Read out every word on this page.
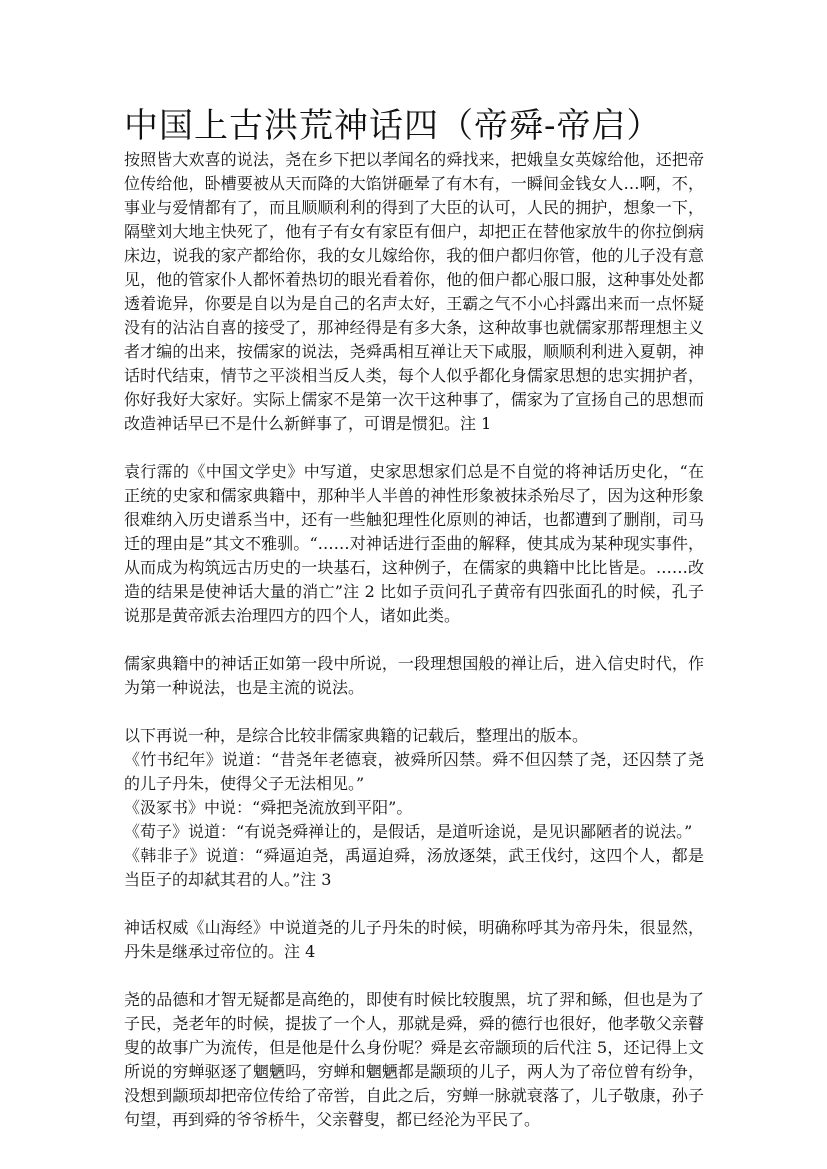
中国上古洪荒神话四（帝舜-帝启）

按照皆大欢喜的说法，尧在乡下把以孝闻名的舜找来，把娥皇女英嫁给他，还把帝位传给他，卧槽要被从天而降的大馅饼砸晕了有木有，一瞬间金钱女人…啊，不，事业与爱情都有了，而且顺顺利利的得到了大臣的认可，人民的拥护，想象一下，隔壁刘大地主快死了，他有子有女有家臣有佃户，却把正在替他家放牛的你拉倒病床边，说我的家产都给你，我的女儿嫁给你，我的佃户都归你管，他的儿子没有意见，他的管家仆人都怀着热切的眼光看着你，他的佃户都心服口服，这种事处处都透着诡异，你要是自以为是自己的名声太好，王霸之气不小心抖露出来而一点怀疑没有的沾沾自喜的接受了，那神经得是有多大条，这种故事也就儒家那帮理想主义者才编的出来，按儒家的说法，尧舜禹相互禅让天下咸服，顺顺利利进入夏朝，神话时代结束，情节之平淡相当反人类，每个人似乎都化身儒家思想的忠实拥护者，你好我好大家好。实际上儒家不是第一次干这种事了，儒家为了宣扬自己的思想而改造神话早已不是什么新鲜事了，可谓是惯犯。注 1

袁行霈的《中国文学史》中写道，史家思想家们总是不自觉的将神话历史化，“在正统的史家和儒家典籍中，那种半人半兽的神性形象被抹杀殆尽了，因为这种形象很难纳入历史谱系当中，还有一些触犯理性化原则的神话，也都遭到了删削，司马迁的理由是”其文不雅驯。“……对神话进行歪曲的解释，使其成为某种现实事件，从而成为构筑远古历史的一块基石，这种例子，在儒家的典籍中比比皆是。……改造的结果是使神话大量的消亡”注 2 比如子贡问孔子黄帝有四张面孔的时候，孔子说那是黄帝派去治理四方的四个人，诸如此类。

儒家典籍中的神话正如第一段中所说，一段理想国般的禅让后，进入信史时代，作为第一种说法，也是主流的说法。

以下再说一种，是综合比较非儒家典籍的记载后，整理出的版本。

《竹书纪年》说道：“昔尧年老德衰，被舜所囚禁。舜不但囚禁了尧，还囚禁了尧的儿子丹朱，使得父子无法相见。”

《汲冢书》中说：“舜把尧流放到平阳”。

《荀子》说道：“有说尧舜禅让的，是假话，是道听途说，是见识鄙陋者的说法。”

《韩非子》说道：“舜逼迫尧，禹逼迫舜，汤放逐桀，武王伐纣，这四个人，都是当臣子的却弑其君的人。”注 3

神话权威《山海经》中说道尧的儿子丹朱的时候，明确称呼其为帝丹朱，很显然，丹朱是继承过帝位的。注 4

尧的品德和才智无疑都是高绝的，即使有时候比较腹黑，坑了羿和鲧，但也是为了子民，尧老年的时候，提拔了一个人，那就是舜，舜的德行也很好，他孝敬父亲瞽叟的故事广为流传，但是他是什么身份呢？舜是玄帝颛顼的后代注 5，还记得上文所说的穷蝉驱逐了魍魉吗，穷蝉和魍魉都是颛顼的儿子，两人为了帝位曾有纷争，没想到颛顼却把帝位传给了帝喾，自此之后，穷蝉一脉就衰落了，儿子敬康，孙子句望，再到舜的爷爷桥牛，父亲瞽叟，都已经沦为平民了。
